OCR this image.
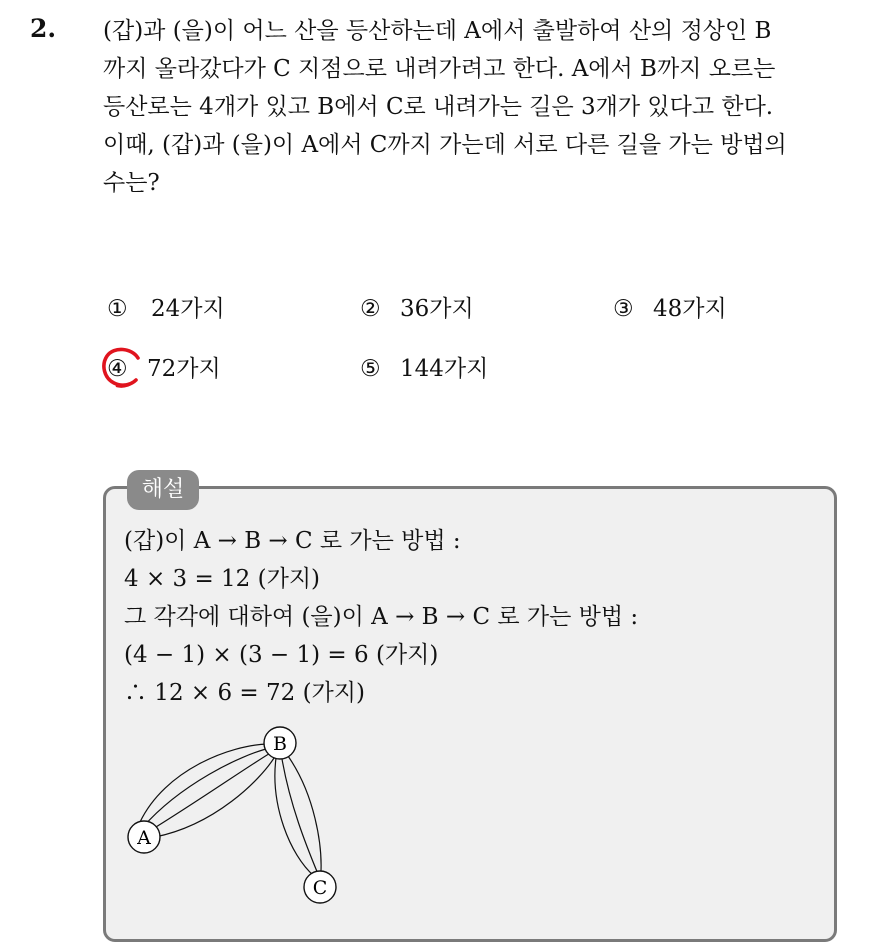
2. (갑)과 (을)이 어느 산을 등산하는데 A에서 출발하여 산의 정상인 B
까지 올라갔다가 C 지점으로 내려가려고 한다. A에서 B까지 오르는
등산로는 4개가 있고 B에서 C로 내려가는 길은 3개가 있다고 한다.
이때, (갑)과 (을)이 A에서 C까지 가는데 서로 다른 길을 가는 방법의
수는?
① 24가지	② 36가지	③ 48가지
④ 72가지	⑤ 144가지
해설
(갑)이 A → B → C 로 가는 방법 :
4 × 3 = 12 (가지)
그 각각에 대하여 (을)이 A → B → C 로 가는 방법 :
(4 − 1) × (3 − 1) = 6 (가지)
∴ 12 × 6 = 72 (가지)
A
B
C
